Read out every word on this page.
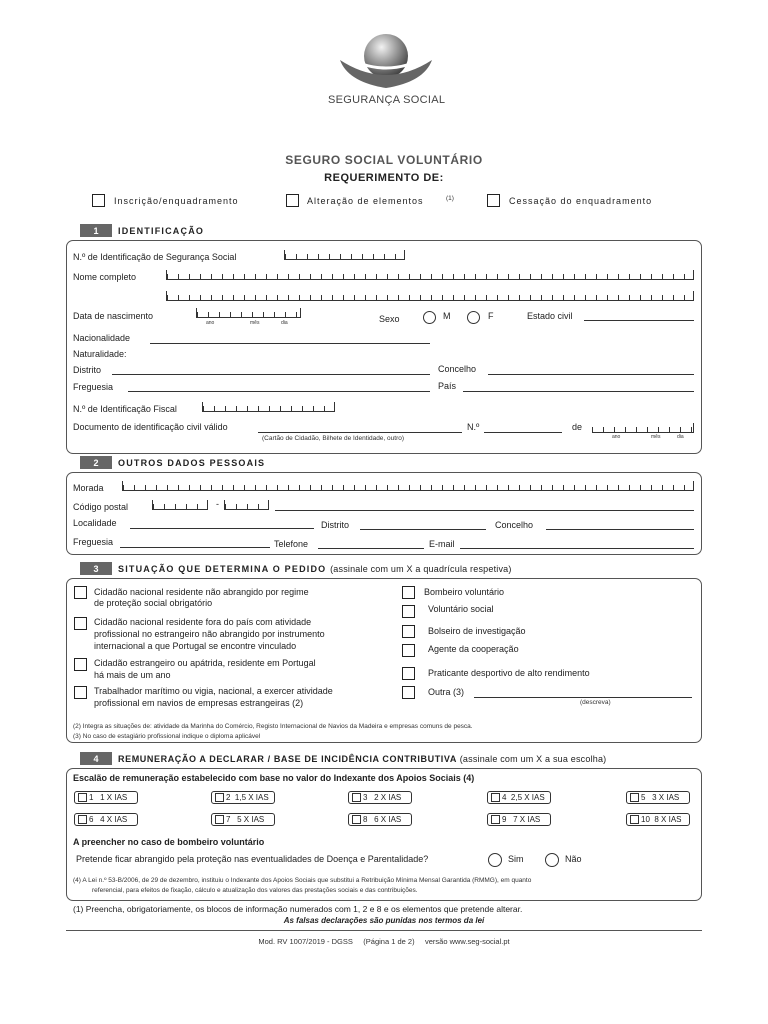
SEGURANÇA SOCIAL
SEGURO SOCIAL VOLUNTÁRIO
REQUERIMENTO DE:
Inscrição/enquadramento	Alteração de elementos	(1)	Cessação do enquadramento
1	IDENTIFICAÇÃO
N.º de Identificação de Segurança Social
Nome completo
Data de nascimento
ano	mês	dia	Sexo	M	F	Estado civil
Nacionalidade
Naturalidade:
Distrito	Concelho
Freguesia	País
N.º de Identificação Fiscal
Documento de identificação civil válido
(Cartão de Cidadão, Bilhete de Identidade, outro)
N.º	de
ano	mês	dia
2	OUTROS DADOS PESSOAIS
Morada
Código postal	-
Localidade	Distrito	Concelho
Freguesia	Telefone	E-mail
3	SITUAÇÃO QUE DETERMINA O PEDIDO (assinale com um X a quadrícula respetiva)
Cidadão nacional residente não abrangido por regime
de proteção social obrigatório
Cidadão nacional residente fora do país com atividade
profissional no estrangeiro não abrangido por instrumento
internacional a que Portugal se encontre vinculado
Cidadão estrangeiro ou apátrida, residente em Portugal
há mais de um ano
Trabalhador marítimo ou vigia, nacional, a exercer atividade
profissional em navios de empresas estrangeiras (2)
Bombeiro voluntário
Voluntário social
Bolseiro de investigação
Agente da cooperação
Praticante desportivo de alto rendimento
Outra (3)
(descreva)
(2) Integra as situações de: atividade da Marinha do Comércio, Registo Internacional de Navios da Madeira e empresas comuns de pesca.
(3) No caso de estagiário profissional indique o diploma aplicável
4	REMUNERAÇÃO A DECLARAR / BASE DE INCIDÊNCIA CONTRIBUTIVA (assinale com um X a sua escolha)
Escalão de remuneração estabelecido com base no valor do Indexante dos Apoios Sociais (4)
1 1 X IAS	2 1,5 X IAS	3 2 X IAS	4 2,5 X IAS	5 3 X IAS
6 4 X IAS	7 5 X IAS	8 6 X IAS	9 7 X IAS	10 8 X IAS
A preencher no caso de bombeiro voluntário
Pretende ficar abrangido pela proteção nas eventualidades de Doença e Parentalidade?	Sim	Não
(4) A Lei n.º 53-B/2006, de 29 de dezembro, instituiu o Indexante dos Apoios Sociais que substitui a Retribuição Mínima Mensal Garantida (RMMG), em quanto
referencial, para efeitos de fixação, cálculo e atualização dos valores das prestações sociais e das contribuições.
(1) Preencha, obrigatoriamente, os blocos de informação numerados com 1, 2 e 8 e os elementos que pretende alterar.
As falsas declarações são punidas nos termos da lei
Mod. RV 1007/2019 - DGSS     (Página 1 de 2)     versão www.seg-social.pt
